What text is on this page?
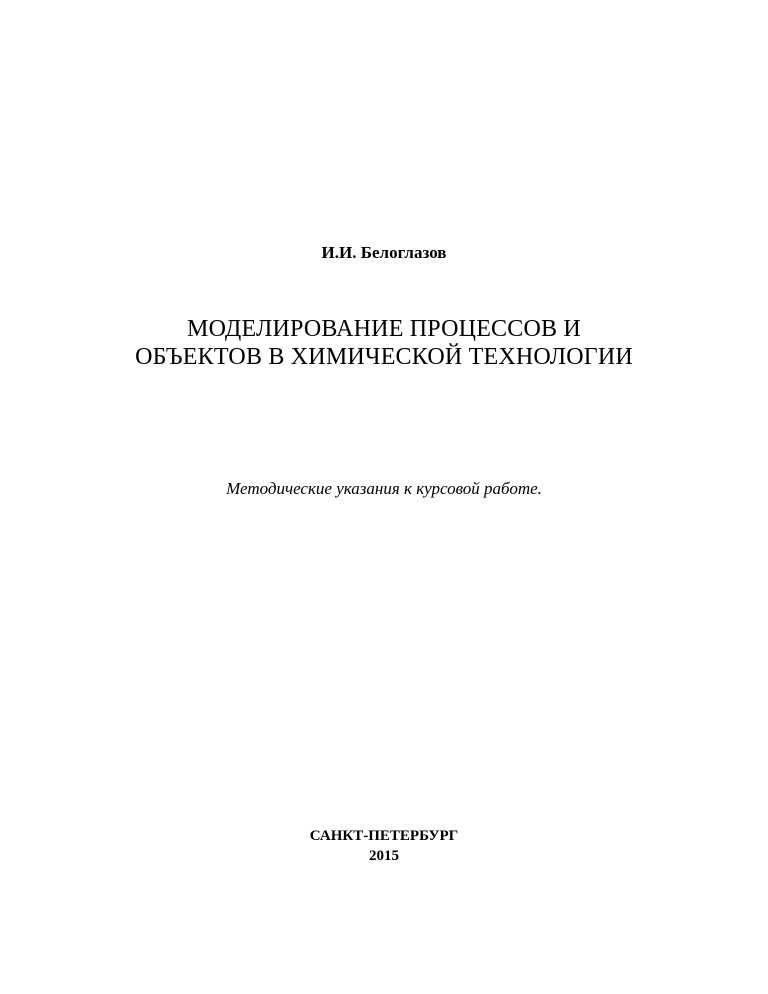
И.И. Белоглазов
МОДЕЛИРОВАНИЕ ПРОЦЕССОВ И
ОБЪЕКТОВ В ХИМИЧЕСКОЙ ТЕХНОЛОГИИ
Методические указания к курсовой работе.
САНКТ-ПЕТЕРБУРГ
2015
